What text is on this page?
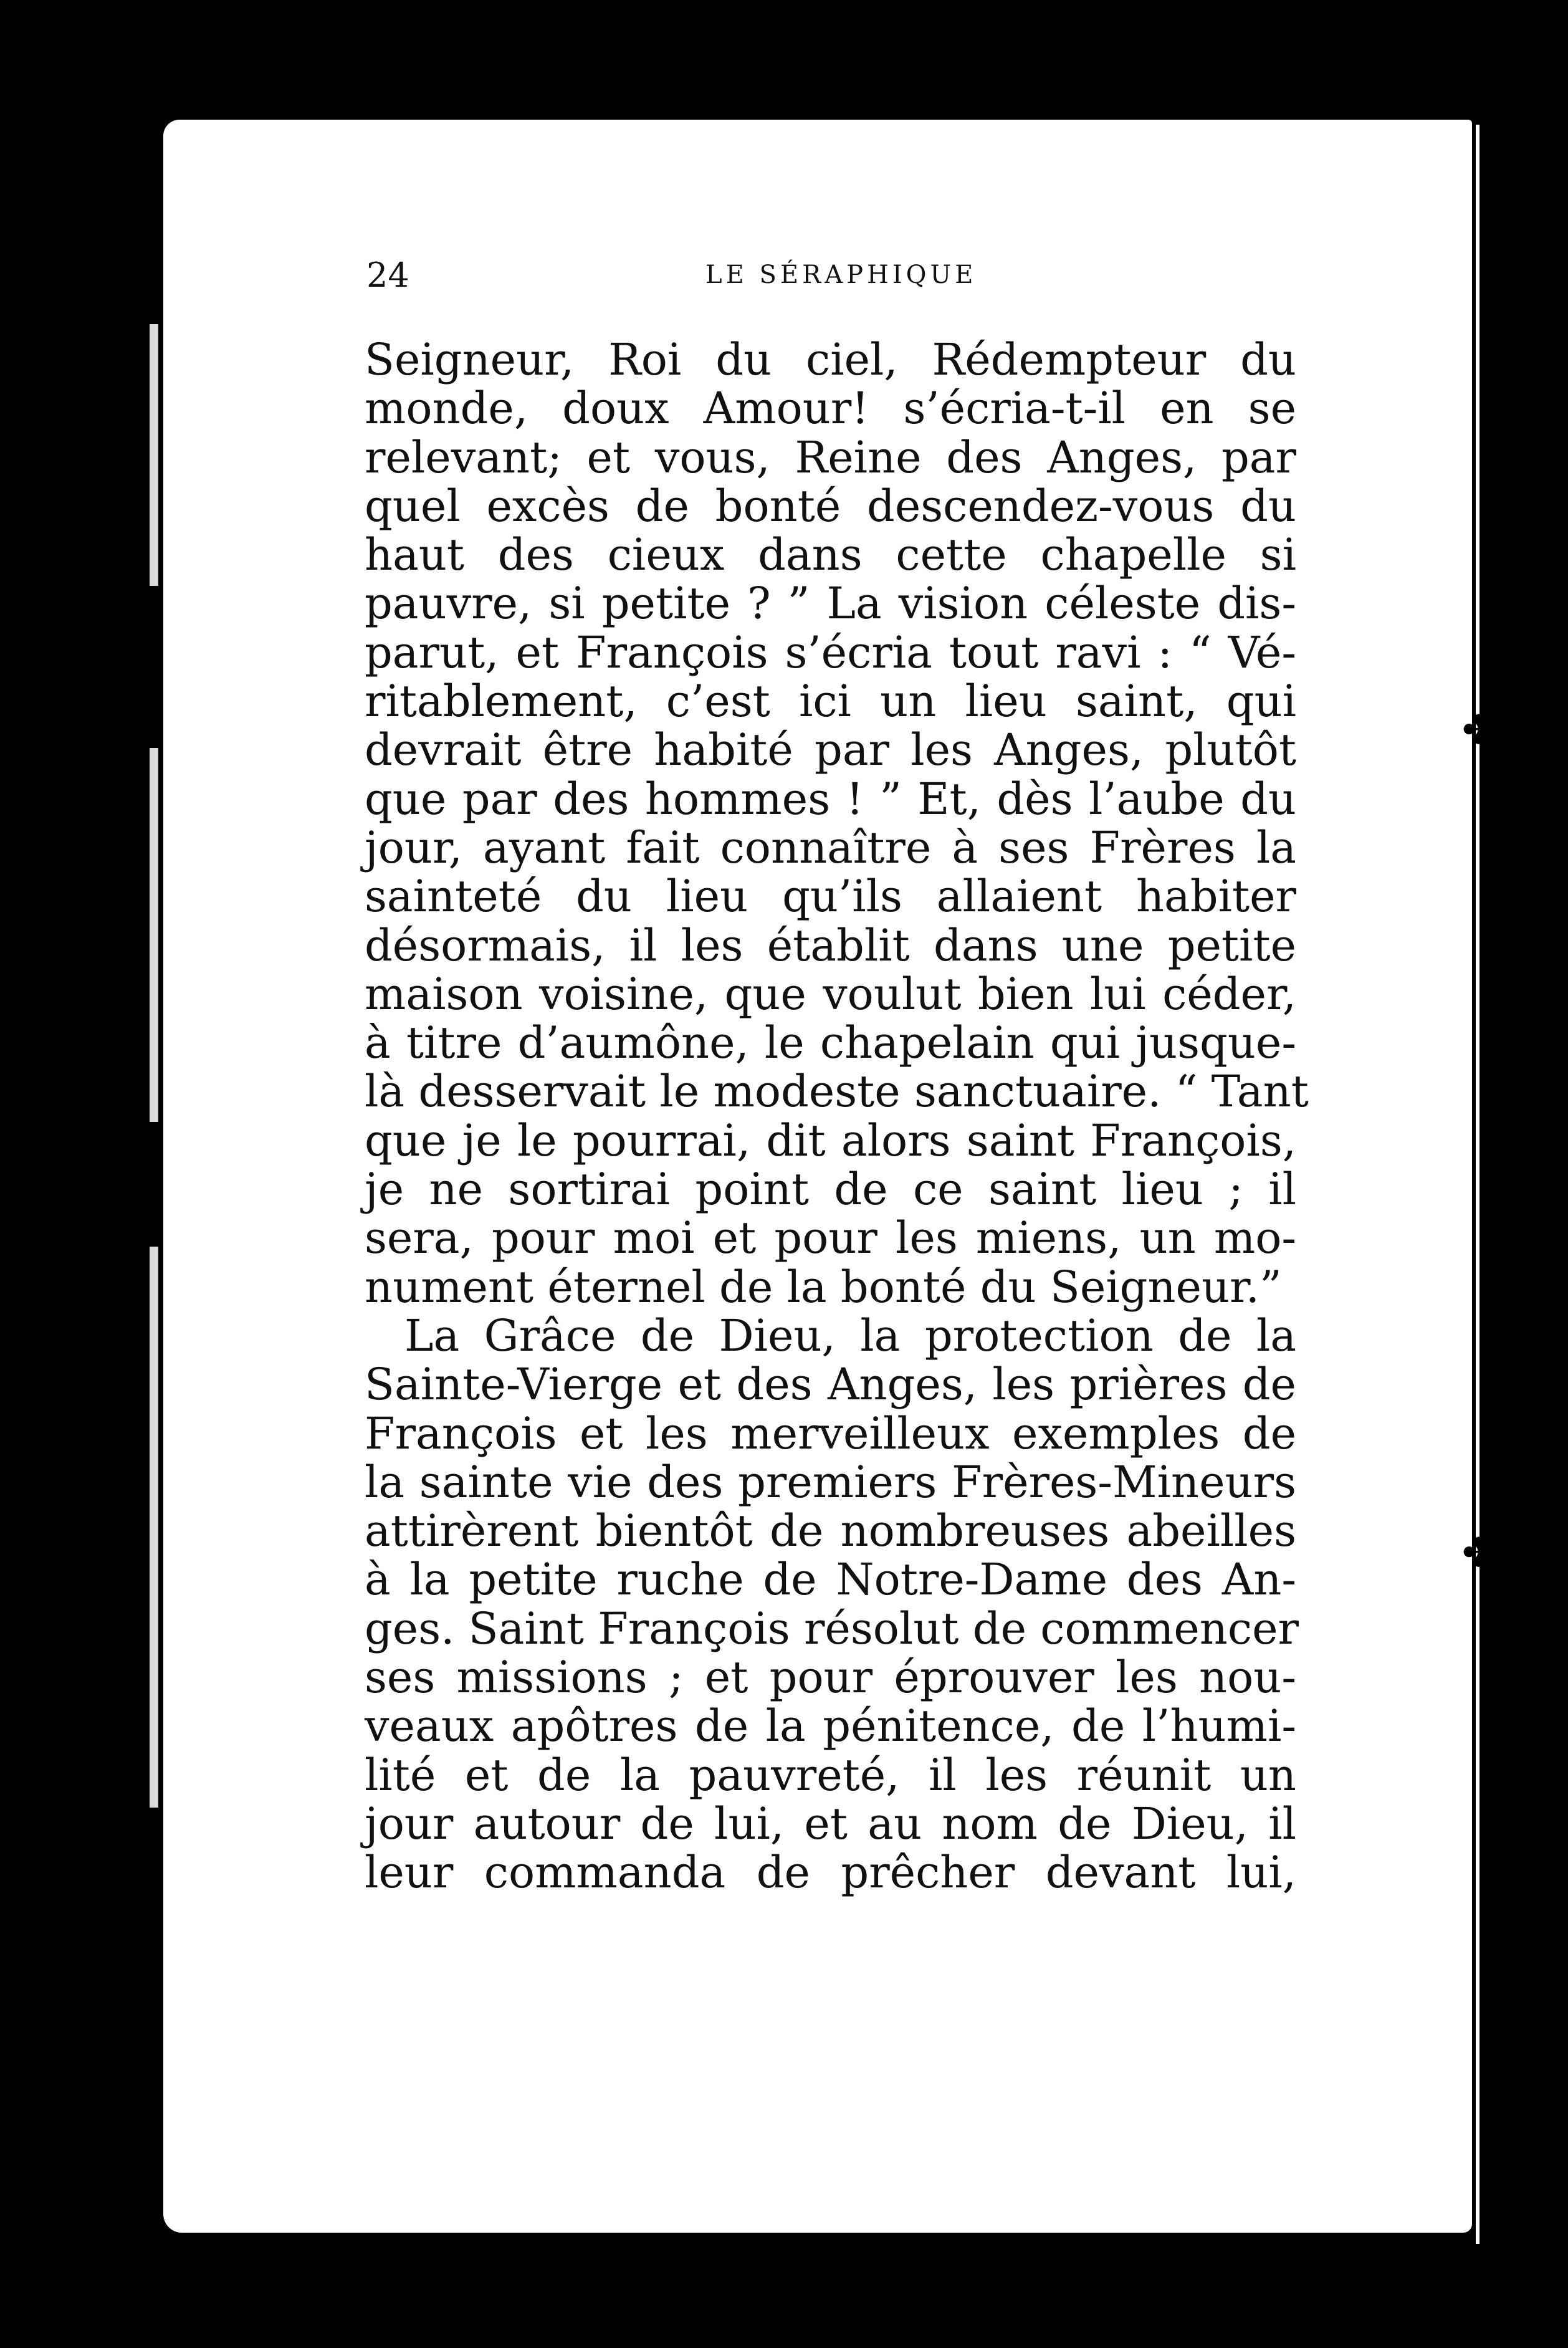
✤
✤
24	LE SÉRAPHIQUE
Seigneur, Roi du ciel, Rédempteur du
monde, doux Amour! s’écria-t-il en se
relevant; et vous, Reine des Anges, par
quel excès de bonté descendez-vous du
haut des cieux dans cette chapelle si
pauvre, si petite ? ” La vision céleste dis-
parut, et François s’écria tout ravi : “ Vé-
ritablement, c’est ici un lieu saint, qui
devrait être habité par les Anges, plutôt
que par des hommes ! ” Et, dès l’aube du
jour, ayant fait connaître à ses Frères la
sainteté du lieu qu’ils allaient habiter
désormais, il les établit dans une petite
maison voisine, que voulut bien lui céder,
à titre d’aumône, le chapelain qui jusque-
là desservait le modeste sanctuaire. “ Tant
que je le pourrai, dit alors saint François,
je ne sortirai point de ce saint lieu ; il
sera, pour moi et pour les miens, un mo-
nument éternel de la bonté du Seigneur.”
La Grâce de Dieu, la protection de la
Sainte-Vierge et des Anges, les prières de
François et les merveilleux exemples de
la sainte vie des premiers Frères-Mineurs
attirèrent bientôt de nombreuses abeilles
à la petite ruche de Notre-Dame des An-
ges. Saint François résolut de commencer
ses missions ; et pour éprouver les nou-
veaux apôtres de la pénitence, de l’humi-
lité et de la pauvreté, il les réunit un
jour autour de lui, et au nom de Dieu, il
leur commanda de prêcher devant lui,
